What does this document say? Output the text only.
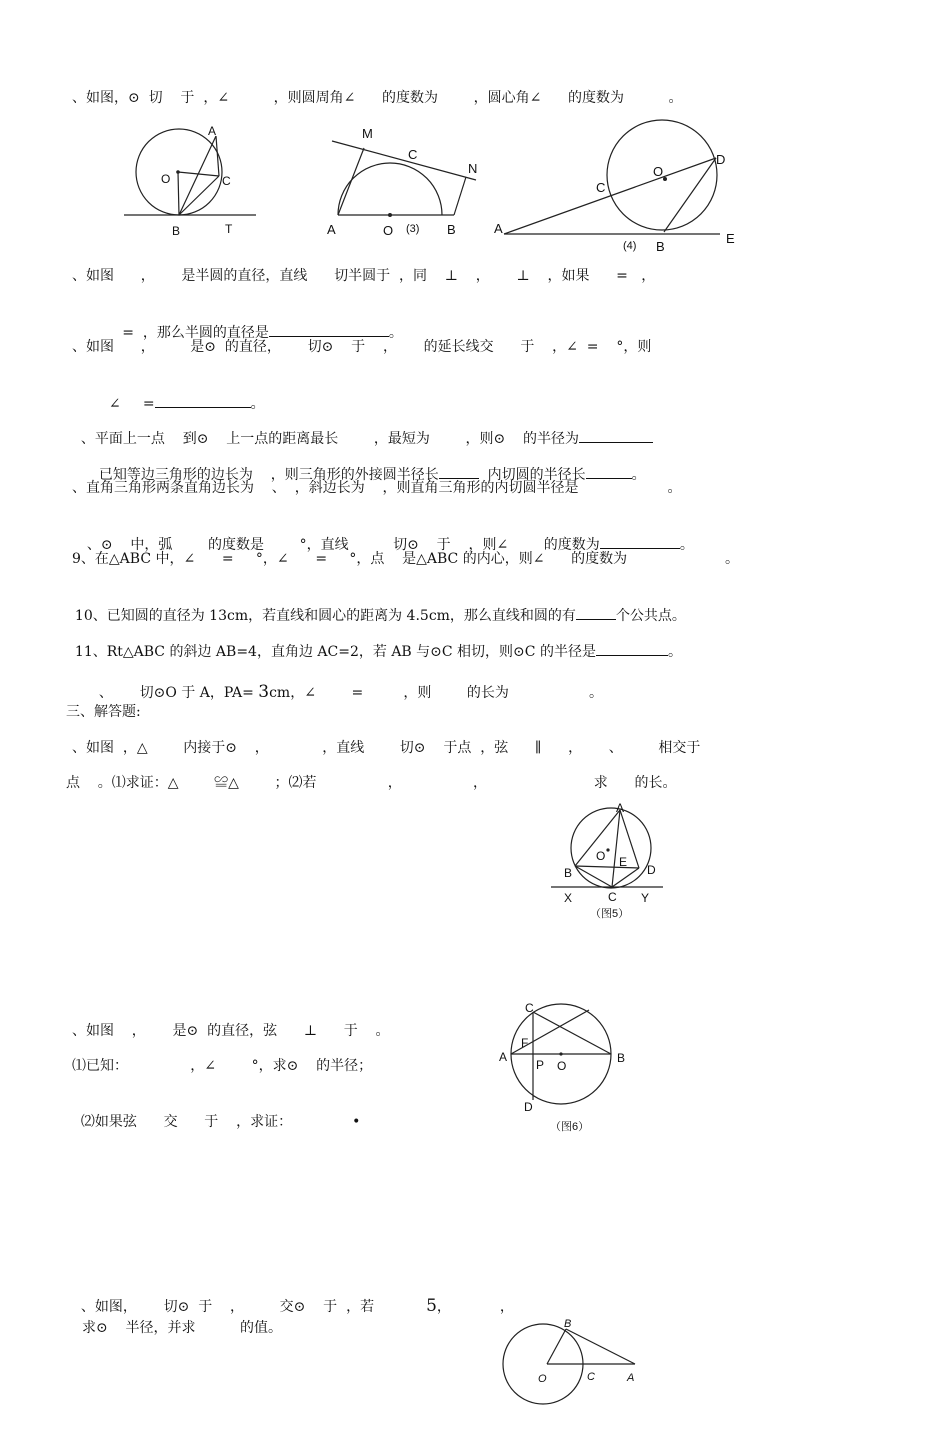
、如图，⊙  切    于  ，∠          ，则圆周角∠      的度数为        ，圆心角∠      的度数为          。
、如图      ，      是半圆的直径，直线      切半圆于  ，同    ⊥    ，      ⊥    ，如果      =   ，

=  ，那么半圆的直径是	。

、如图      ，        是⊙  的直径，      切⊙    于    ，      的延长线交      于    ，∠  =    °，则

∠     =	。

、平面上一点    到⊙    上一点的距离最长        ，最短为        ，则⊙    的半径为

已知等边三角形的边长为    ，则三角形的外接圆半径长	内切圆的半径长	。

、直角三角形两条直角边长为    、  ，斜边长为    ，则直角三角形的内切圆半径是                    。

、⊙    中，弧        的度数是        °，直线          切⊙    于    ，则∠        的度数为	。

9、在△ABC 中，∠      =     °，∠      =     °，点    是△ABC 的内心，则∠      的度数为                      。

10、已知圆的直径为 13cm，若直线和圆心的距离为 4.5cm，那么直线和圆的有	个公共点。

11、Rt△ABC 的斜边 AB=4，直角边 AC=2，若 AB 与⊙C 相切，则⊙C 的半径是	。

、      切⊙O 于 A，PA= 3cm，∠        =         ，则        的长为                  。

三、解答题:
、如图  ，△        内接于⊙    ，            ，直线        切⊙    于点  ，弦      ∥      ，      、        相交于
点    。⑴求证：△        ≌△        ；⑵若                ，                ，                        求      的长。
、如图    ，      是⊙  的直径，弦      ⊥      于    。
⑴已知：              ，∠        °，求⊙    的半径；

⑵如果弦      交      于    ，求证：	•

、如图，      切⊙  于    ，        交⊙    于  ，若	5，           ，

求⊙    半径，并求          的值。
A
O	C
B	T
M
C
N
A	O (3) B	A
C
O
D
(4) B
E
A
O E
B	D
C
X	Y
（图5）
C
F
A
P O
B
D
（图6）
B
O	C	A
